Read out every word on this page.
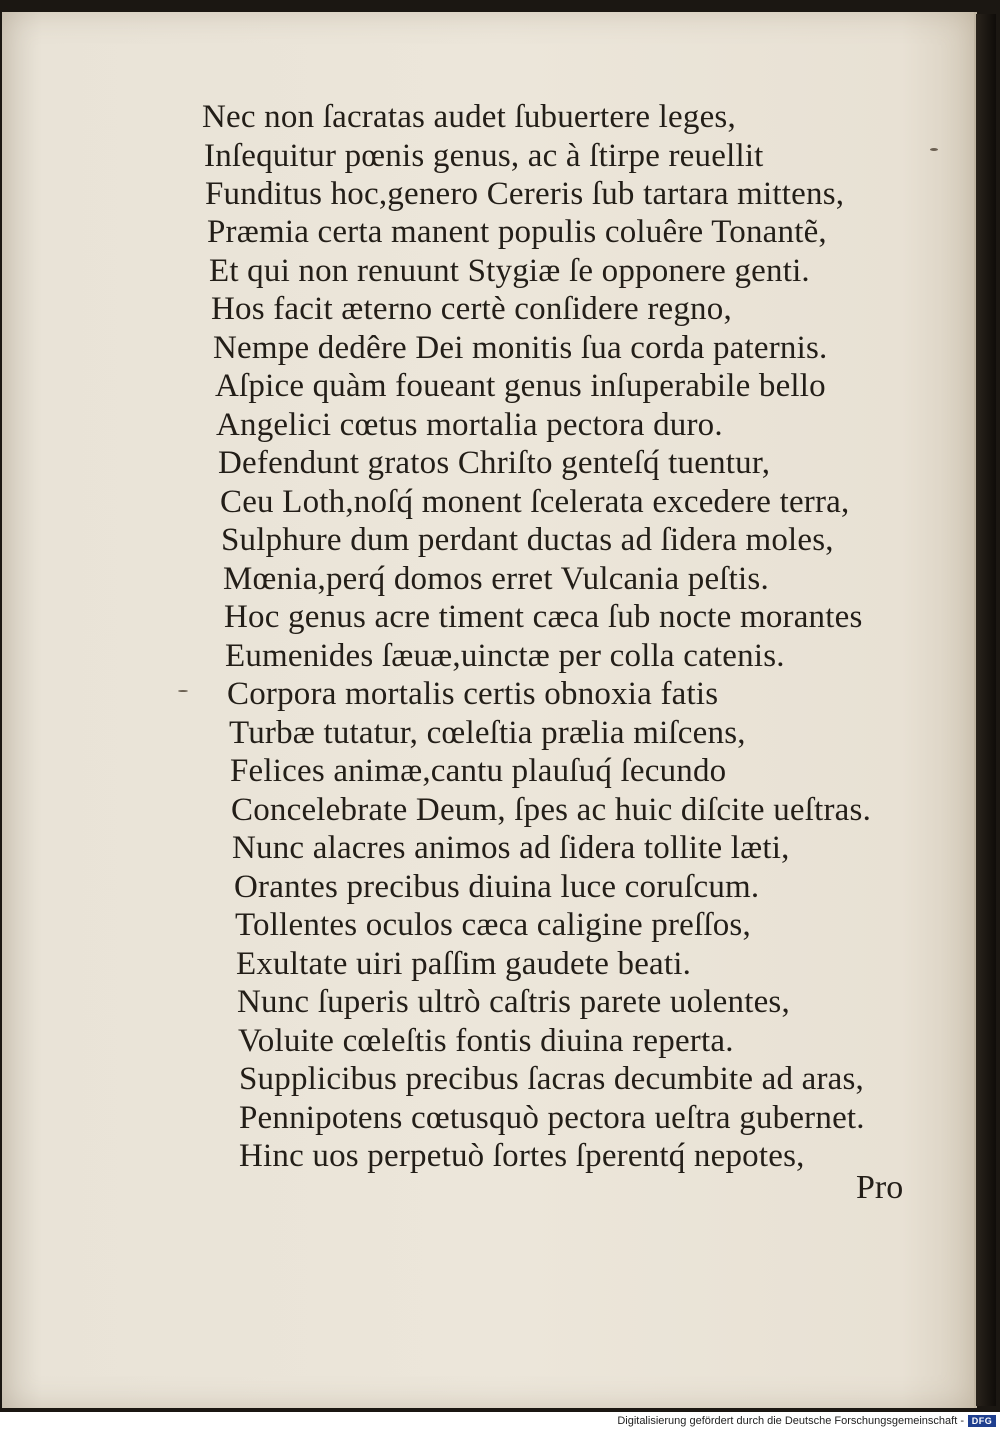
Nec non ſacratas audet ſubuertere leges,
Inſequitur pœnis genus, ac à ſtirpe reuellit
Funditus hoc,genero Cereris ſub tartara mittens,
Præmia certa manent populis coluêre Tonantẽ,
Et qui non renuunt Stygiæ ſe opponere genti.
Hos facit æterno certè conſidere regno,
Nempe dedêre Dei monitis ſua corda paternis.
Aſpice quàm foueant genus inſuperabile bello
Angelici cœtus mortalia pectora duro.
Defendunt gratos Chriſto genteſq́ tuentur,
Ceu Loth,noſq́ monent ſcelerata excedere terra,
Sulphure dum perdant ductas ad ſidera moles,
Mœnia,perq́ domos erret Vulcania peſtis.
Hoc genus acre timent cæca ſub nocte morantes
Eumenides ſæuæ,uinctæ per colla catenis.
Corpora mortalis certis obnoxia fatis
Turbæ tutatur, cœleſtia prælia miſcens,
Felices animæ,cantu plauſuq́ ſecundo
Concelebrate Deum, ſpes ac huic diſcite ueſtras.
Nunc alacres animos ad ſidera tollite læti,
Orantes precibus diuina luce coruſcum.
Tollentes oculos cæca caligine preſſos,
Exultate uiri paſſim gaudete beati.
Nunc ſuperis ultrò caſtris parete uolentes,
Voluite cœleſtis fontis diuina reperta.
Supplicibus precibus ſacras decumbite ad aras,
Pennipotens cœtusquò pectora ueſtra gubernet.
Hinc uos perpetuò ſortes ſperentq́ nepotes,
Pro
Digitalisierung gefördert durch die Deutsche Forschungsgemeinschaft - DFG
